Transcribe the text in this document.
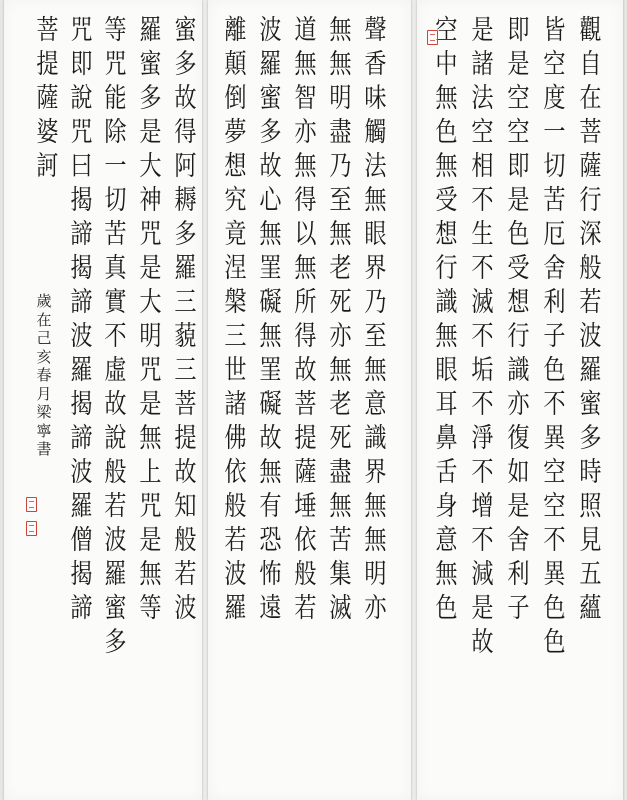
蜜
多
故
得
阿
耨
多
羅
三
藐
三
菩
提
故
知
般
若
波
羅
蜜
多
是
大
神
咒
是
大
明
咒
是
無
上
咒
是
無
等
等
咒
能
除
一
切
苦
真
實
不
虛
故
說
般
若
波
羅
蜜
多
咒
即
說
咒
曰
揭
諦
揭
諦
波
羅
揭
諦
波
羅
僧
揭
諦
菩
提
薩
婆
訶
歲
在
己
亥
春
月
梁
寧
書
聲
香
味
觸
法
無
眼
界
乃
至
無
意
識
界
無
無
明
亦
無
無
明
盡
乃
至
無
老
死
亦
無
老
死
盡
無
苦
集
滅
道
無
智
亦
無
得
以
無
所
得
故
菩
提
薩
埵
依
般
若
波
羅
蜜
多
故
心
無
罣
礙
無
罣
礙
故
無
有
恐
怖
遠
離
顛
倒
夢
想
究
竟
涅
槃
三
世
諸
佛
依
般
若
波
羅
觀
自
在
菩
薩
行
深
般
若
波
羅
蜜
多
時
照
見
五
蘊
皆
空
度
一
切
苦
厄
舍
利
子
色
不
異
空
空
不
異
色
色
即
是
空
空
即
是
色
受
想
行
識
亦
復
如
是
舍
利
子
是
諸
法
空
相
不
生
不
滅
不
垢
不
淨
不
增
不
減
是
故
空
中
無
色
無
受
想
行
識
無
眼
耳
鼻
舌
身
意
無
色
